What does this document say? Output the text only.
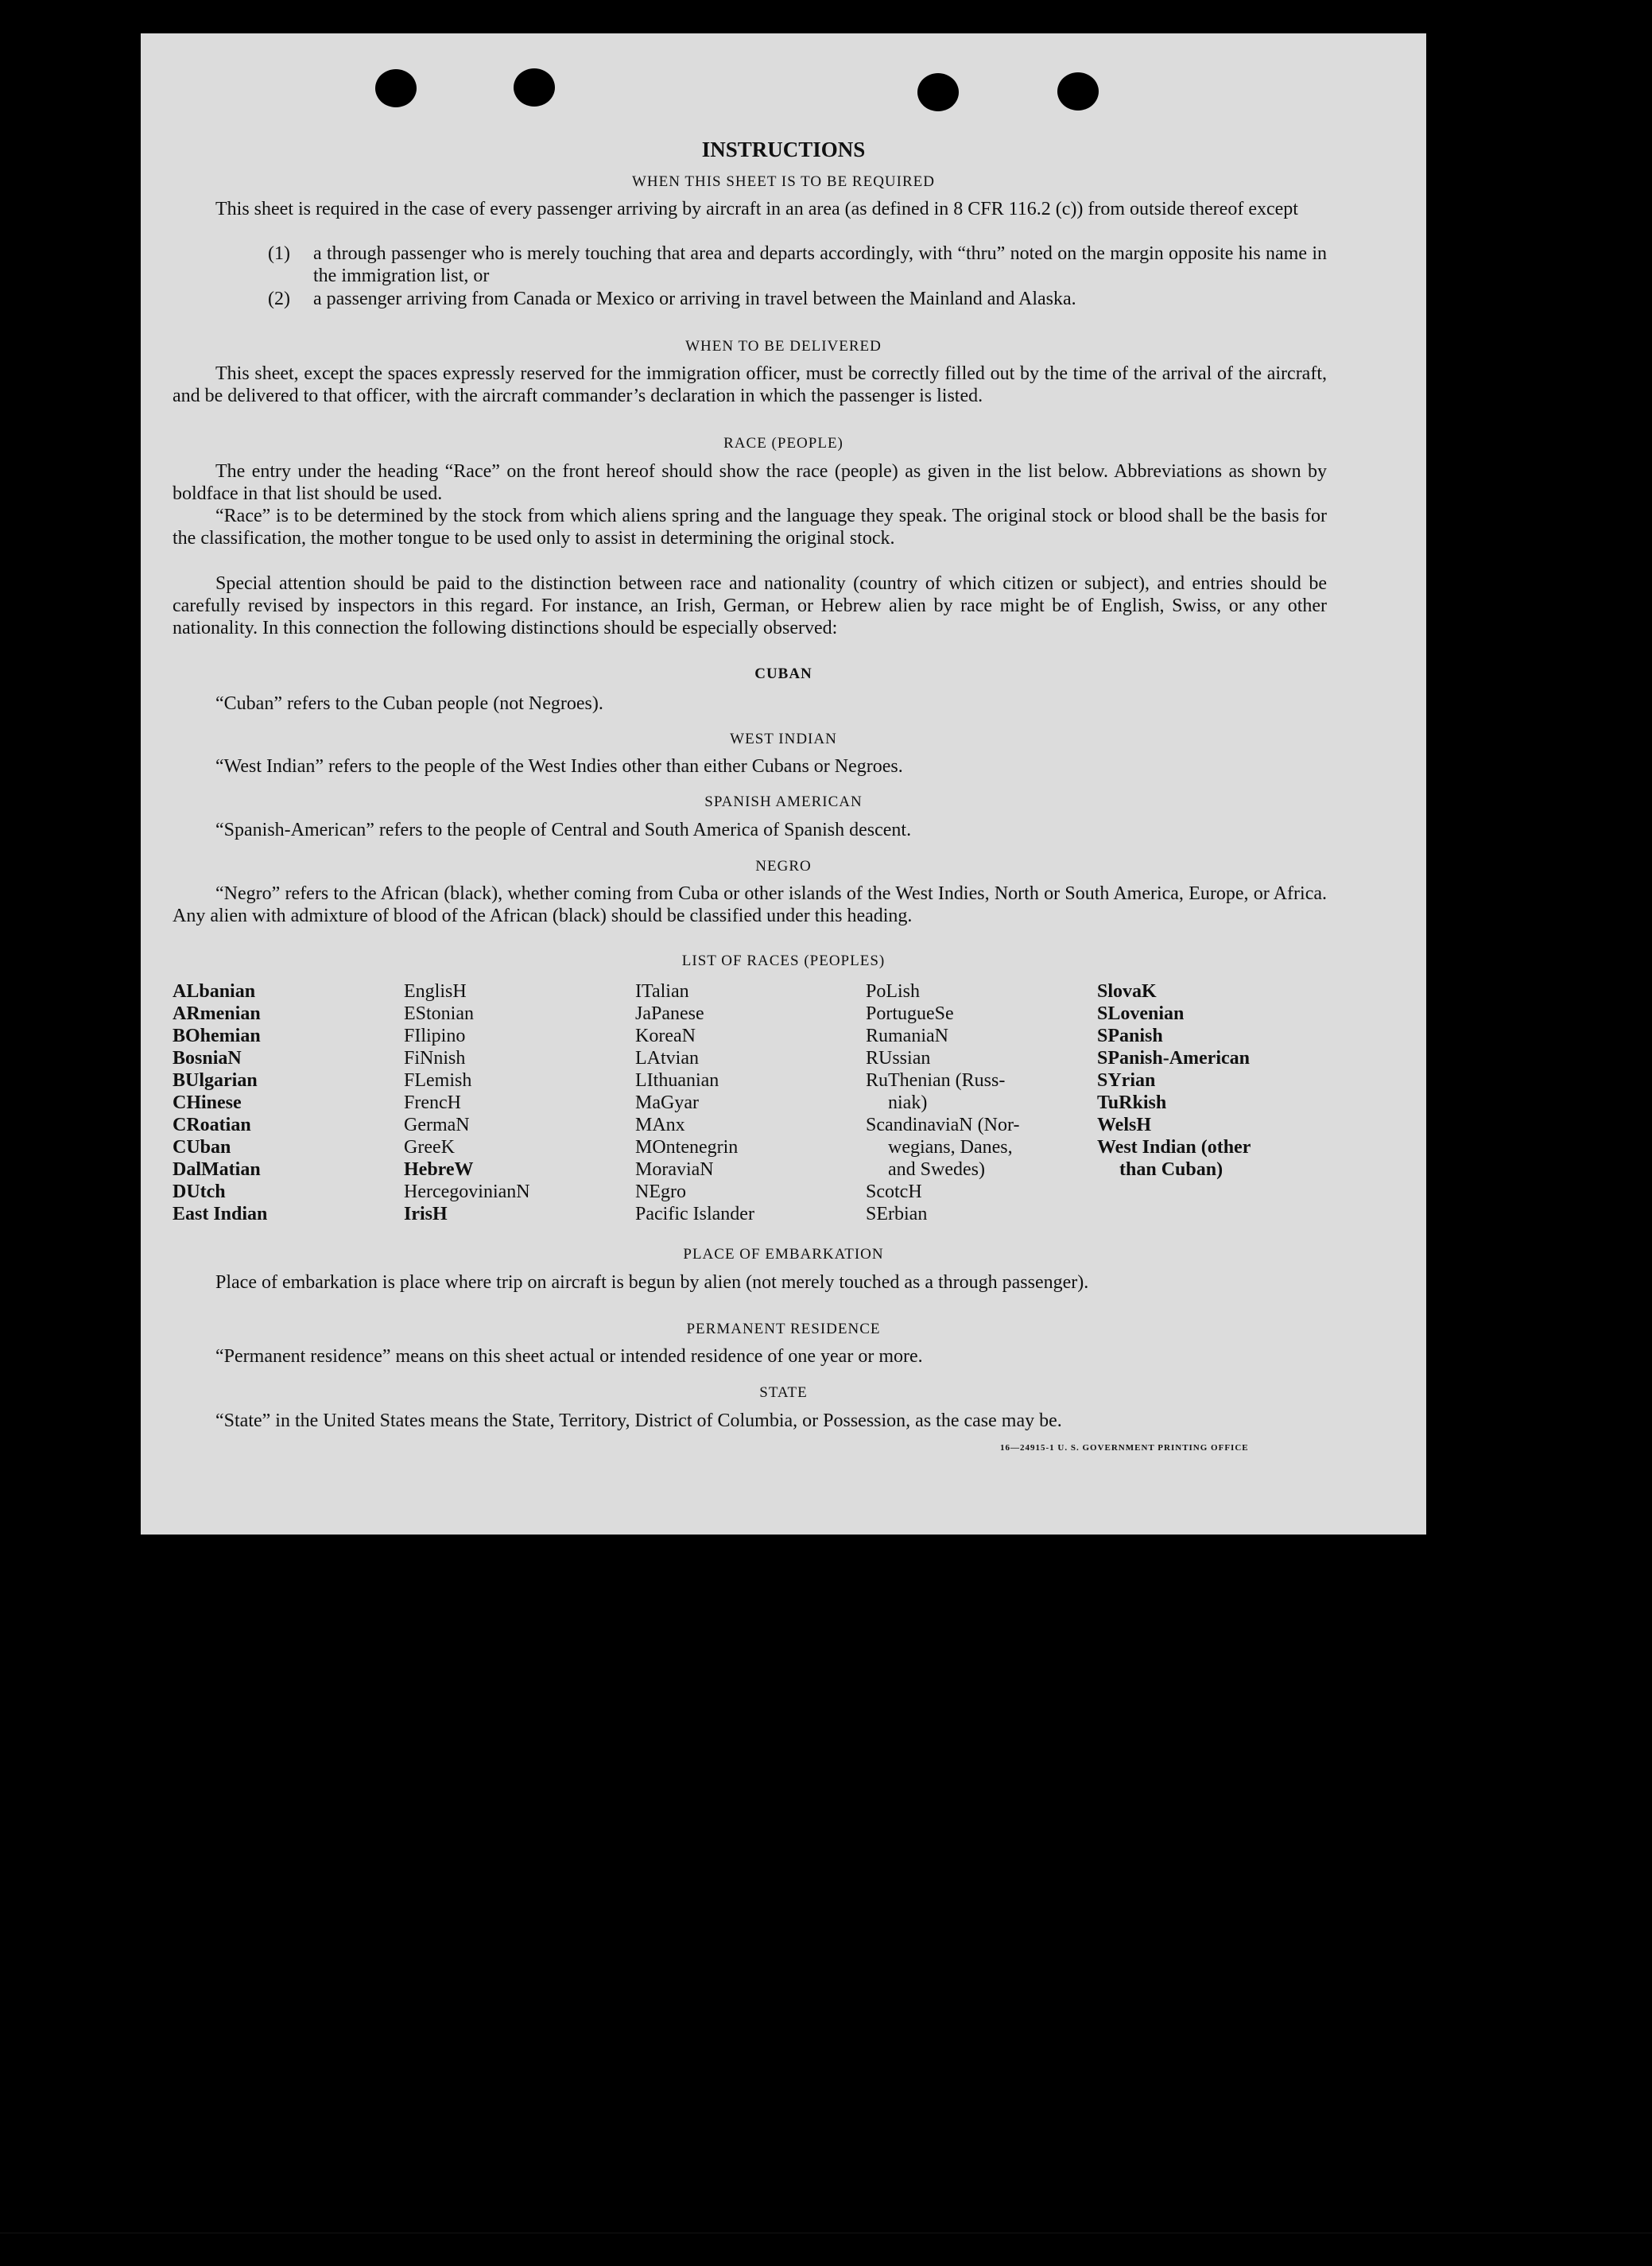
INSTRUCTIONS
WHEN THIS SHEET IS TO BE REQUIRED

This sheet is required in the case of every passenger arriving by aircraft in an area (as defined in 8 CFR 116.2 (c)) from outside thereof except

(1) a through passenger who is merely touching that area and departs accordingly, with “thru” noted on the margin opposite his name in the immigration list, or

(2) a passenger arriving from Canada or Mexico or arriving in travel between the Mainland and Alaska.

WHEN TO BE DELIVERED

This sheet, except the spaces expressly reserved for the immigration officer, must be correctly filled out by the time of the arrival of the aircraft, and be delivered to that officer, with the aircraft commander’s declaration in which the passenger is listed.

RACE (PEOPLE)

The entry under the heading “Race” on the front hereof should show the race (people) as given in the list below. Abbreviations as shown by boldface in that list should be used.

“Race” is to be determined by the stock from which aliens spring and the language they speak. The original stock or blood shall be the basis for the classification, the mother tongue to be used only to assist in determining the original stock.

Special attention should be paid to the distinction between race and nationality (country of which citizen or subject), and entries should be carefully revised by inspectors in this regard. For instance, an Irish, German, or Hebrew alien by race might be of English, Swiss, or any other nationality. In this connection the following distinctions should be especially observed:

CUBAN

“Cuban” refers to the Cuban people (not Negroes).

WEST INDIAN

“West Indian” refers to the people of the West Indies other than either Cubans or Negroes.

SPANISH AMERICAN

“Spanish-American” refers to the people of Central and South America of Spanish descent.

NEGRO

“Negro” refers to the African (black), whether coming from Cuba or other islands of the West Indies, North or South America, Europe, or Africa. Any alien with admixture of blood of the African (black) should be classified under this heading.

LIST OF RACES (PEOPLES)
ALbanian
ARmenian
BOhemian
BosniaN
BUlgarian
CHinese
CRoatian
CUban
DalMatian
DUtch
East Indian
EnglisH
EStonian
FIlipino
FiNnish
FLemish
FrencH
GermaN
GreeK
HebreW
HercegovinianN
IrisH
ITalian
JaPanese
KoreaN
LAtvian
LIthuanian
MaGyar
MAnx
MOntenegrin
MoraviaN
NEgro
Pacific Islander
PoLish
PortugueSe
RumaniaN
RUssian
RuThenian (Russ-
niak)
ScandinaviaN (Nor-
wegians, Danes,
and Swedes)
ScotcH
SErbian
SlovaK
SLovenian
SPanish
SPanish-American
SYrian
TuRkish
WelsH
West Indian (other
than Cuban)
PLACE OF EMBARKATION

Place of embarkation is place where trip on aircraft is begun by alien (not merely touched as a through passenger).

PERMANENT RESIDENCE

“Permanent residence” means on this sheet actual or intended residence of one year or more.

STATE

“State” in the United States means the State, Territory, District of Columbia, or Possession, as the case may be.

16—24915-1 U. S. GOVERNMENT PRINTING OFFICE
